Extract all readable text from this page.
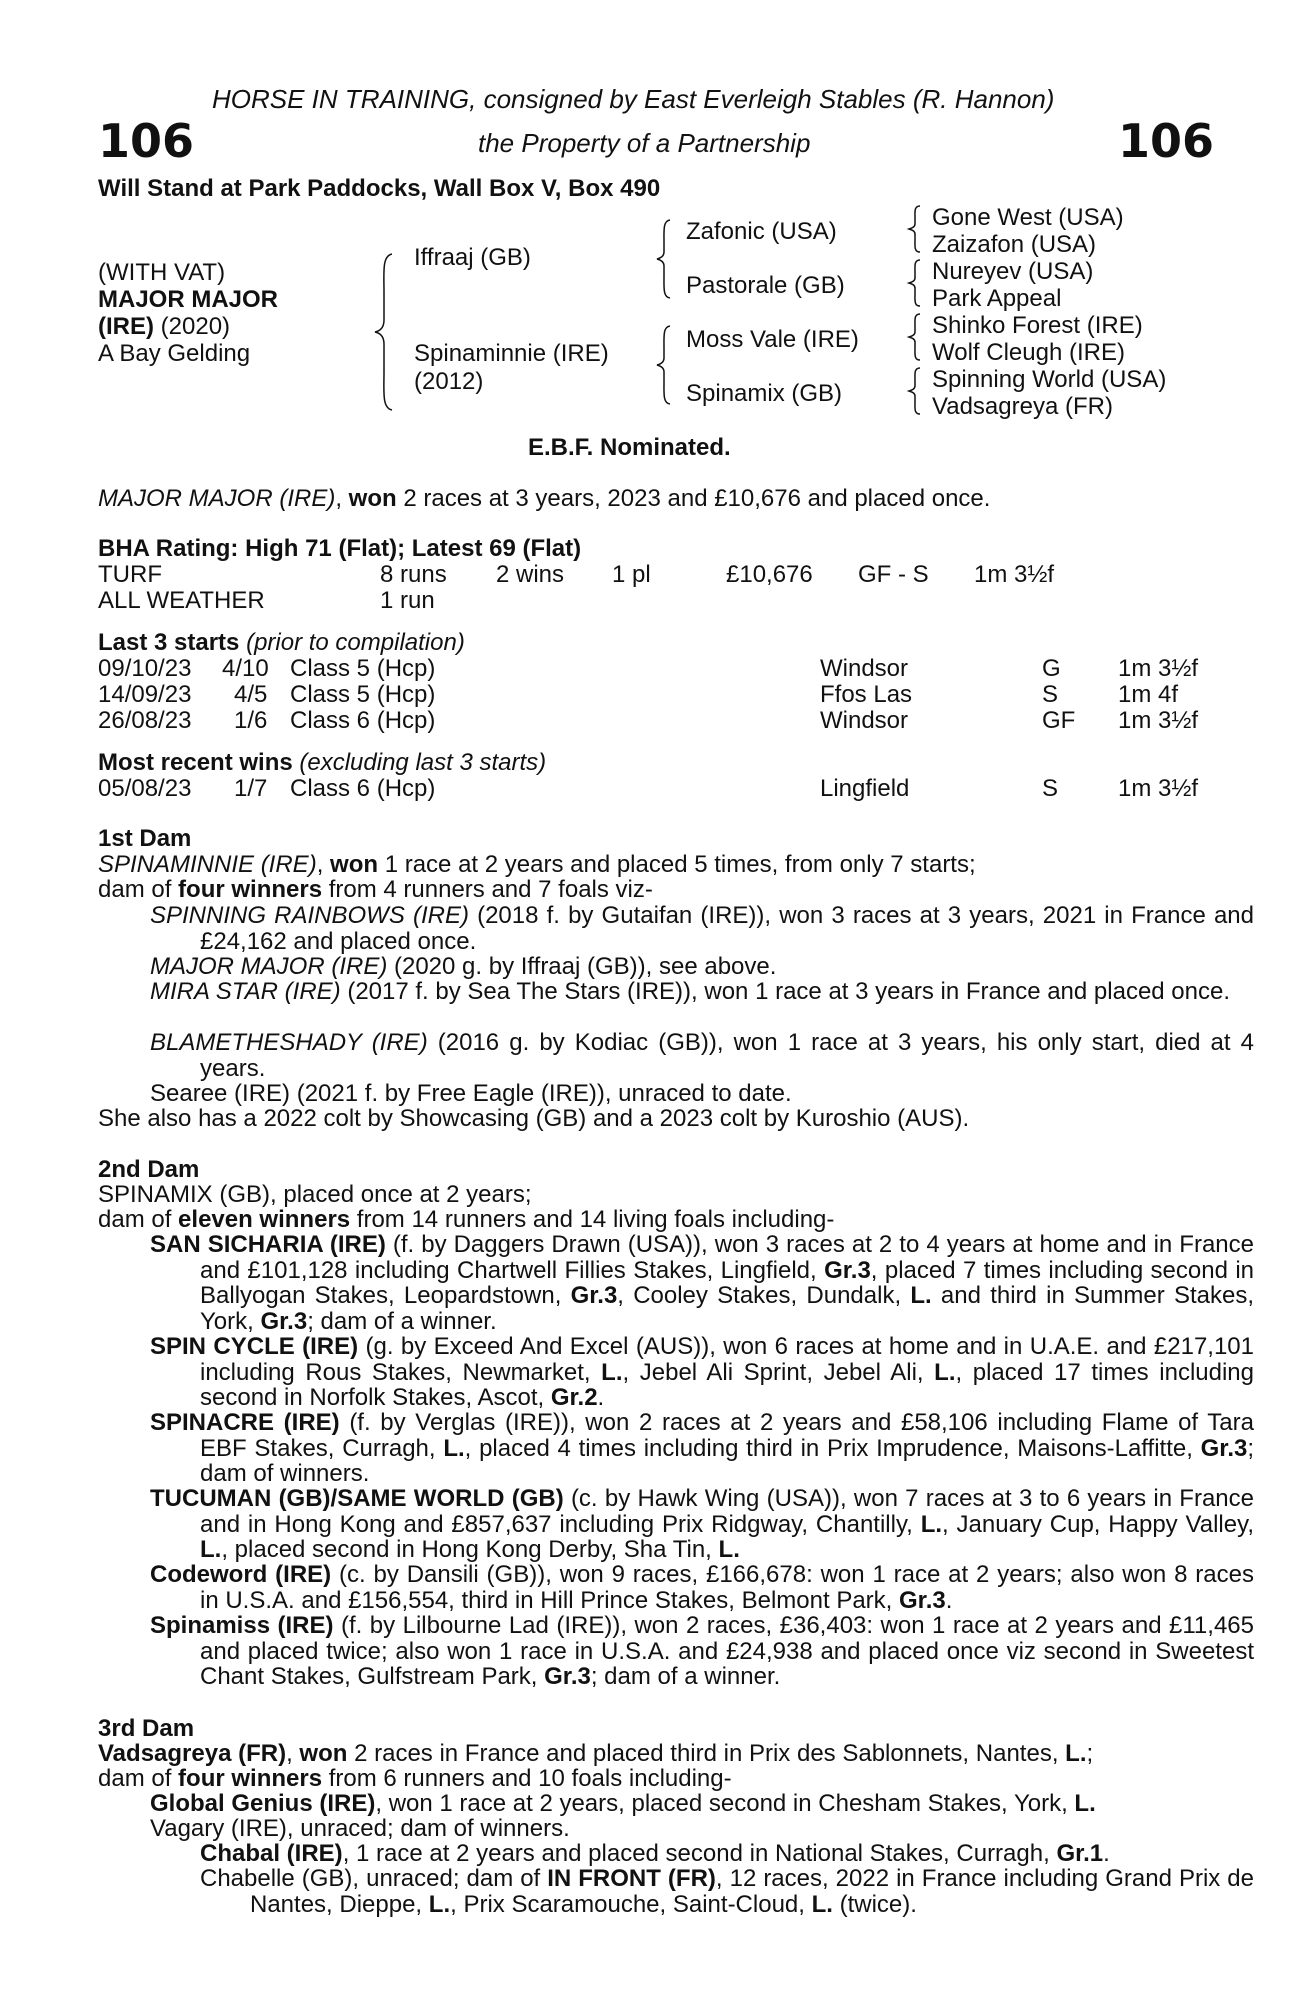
HORSE IN TRAINING, consigned by East Everleigh Stables (R. Hannon)
106	the Property of a Partnership	106
Will Stand at Park Paddocks, Wall Box V, Box 490
(WITH VAT)
MAJOR MAJOR
(IRE) (2020)
A Bay Gelding
Iffraaj (GB)
Spinaminnie (IRE)
(2012)
Zafonic (USA)
Pastorale (GB)
Moss Vale (IRE)
Spinamix (GB)
Gone West (USA)
Zaizafon (USA)
Nureyev (USA)
Park Appeal
Shinko Forest (IRE)
Wolf Cleugh (IRE)
Spinning World (USA)
Vadsagreya (FR)
E.B.F. Nominated.
MAJOR MAJOR (IRE), won 2 races at 3 years, 2023 and £10,676 and placed once.
BHA Rating: High 71 (Flat); Latest 69 (Flat)
TURF	8 runs 2 wins 1 pl	£10,676 GF - S 1m 3½f
ALL WEATHER	1 run
Last 3 starts (prior to compilation)
09/10/23 4/10 Class 5 (Hcp)	Windsor	G 1m 3½f
14/09/23 4/5 Class 5 (Hcp)	Ffos Las	S 1m 4f
26/08/23 1/6 Class 6 (Hcp)	Windsor	GF 1m 3½f
Most recent wins (excluding last 3 starts)
05/08/23 1/7 Class 6 (Hcp)	Lingfield	S 1m 3½f
1st Dam
SPINAMINNIE (IRE), won 1 race at 2 years and placed 5 times, from only 7 starts;
dam of four winners from 4 runners and 7 foals viz-
SPINNING RAINBOWS (IRE) (2018 f. by Gutaifan (IRE)), won 3 races at 3 years, 2021 in France and £24,162 and placed once.
MAJOR MAJOR (IRE) (2020 g. by Iffraaj (GB)), see above.
MIRA STAR (IRE) (2017 f. by Sea The Stars (IRE)), won 1 race at 3 years in France and placed once.
BLAMETHESHADY (IRE) (2016 g. by Kodiac (GB)), won 1 race at 3 years, his only start, died at 4 years.
Searee (IRE) (2021 f. by Free Eagle (IRE)), unraced to date.
She also has a 2022 colt by Showcasing (GB) and a 2023 colt by Kuroshio (AUS).
2nd Dam
SPINAMIX (GB), placed once at 2 years;
dam of eleven winners from 14 runners and 14 living foals including-
SAN SICHARIA (IRE) (f. by Daggers Drawn (USA)), won 3 races at 2 to 4 years at home and in France and £101,128 including Chartwell Fillies Stakes, Lingfield, Gr.3, placed 7 times including second in Ballyogan Stakes, Leopardstown, Gr.3, Cooley Stakes, Dundalk, L. and third in Summer Stakes, York, Gr.3; dam of a winner.
SPIN CYCLE (IRE) (g. by Exceed And Excel (AUS)), won 6 races at home and in U.A.E. and £217,101 including Rous Stakes, Newmarket, L., Jebel Ali Sprint, Jebel Ali, L., placed 17 times including second in Norfolk Stakes, Ascot, Gr.2.
SPINACRE (IRE) (f. by Verglas (IRE)), won 2 races at 2 years and £58,106 including Flame of Tara EBF Stakes, Curragh, L., placed 4 times including third in Prix Imprudence, Maisons-Laffitte, Gr.3; dam of winners.
TUCUMAN (GB)/SAME WORLD (GB) (c. by Hawk Wing (USA)), won 7 races at 3 to 6 years in France and in Hong Kong and £857,637 including Prix Ridgway, Chantilly, L., January Cup, Happy Valley, L., placed second in Hong Kong Derby, Sha Tin, L.
Codeword (IRE) (c. by Dansili (GB)), won 9 races, £166,678: won 1 race at 2 years; also won 8 races in U.S.A. and £156,554, third in Hill Prince Stakes, Belmont Park, Gr.3.
Spinamiss (IRE) (f. by Lilbourne Lad (IRE)), won 2 races, £36,403: won 1 race at 2 years and £11,465 and placed twice; also won 1 race in U.S.A. and £24,938 and placed once viz second in Sweetest Chant Stakes, Gulfstream Park, Gr.3; dam of a winner.
3rd Dam
Vadsagreya (FR), won 2 races in France and placed third in Prix des Sablonnets, Nantes, L.;
dam of four winners from 6 runners and 10 foals including-
Global Genius (IRE), won 1 race at 2 years, placed second in Chesham Stakes, York, L.
Vagary (IRE), unraced; dam of winners.
Chabal (IRE), 1 race at 2 years and placed second in National Stakes, Curragh, Gr.1.
Chabelle (GB), unraced; dam of IN FRONT (FR), 12 races, 2022 in France including Grand Prix de Nantes, Dieppe, L., Prix Scaramouche, Saint-Cloud, L. (twice).
